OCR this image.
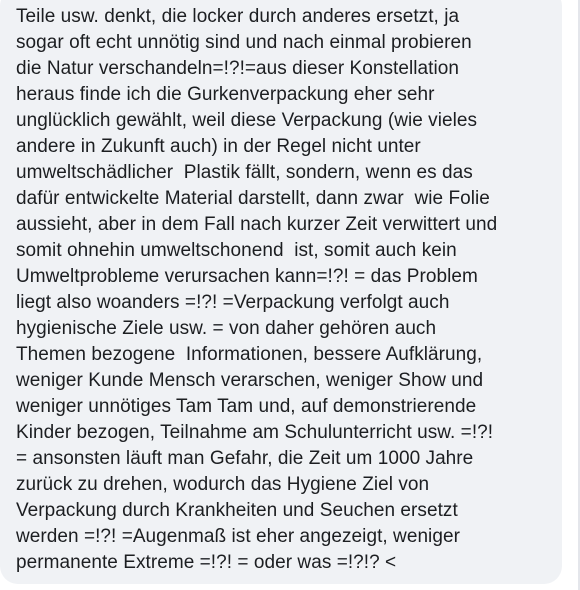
Teile usw. denkt, die locker durch anderes ersetzt, ja
sogar oft echt unnötig sind und nach einmal probieren
die Natur verschandeln=!?!=aus dieser Konstellation
heraus finde ich die Gurkenverpackung eher sehr
unglücklich gewählt, weil diese Verpackung (wie vieles
andere in Zukunft auch) in der Regel nicht unter
umweltschädlicher  Plastik fällt, sondern, wenn es das
dafür entwickelte Material darstellt, dann zwar  wie Folie
aussieht, aber in dem Fall nach kurzer Zeit verwittert und
somit ohnehin umweltschonend  ist, somit auch kein
Umweltprobleme verursachen kann=!?! = das Problem
liegt also woanders =!?! =Verpackung verfolgt auch
hygienische Ziele usw. = von daher gehören auch
Themen bezogene  Informationen, bessere Aufklärung,
weniger Kunde Mensch verarschen, weniger Show und
weniger unnötiges Tam Tam und, auf demonstrierende
Kinder bezogen, Teilnahme am Schulunterricht usw. =!?!
= ansonsten läuft man Gefahr, die Zeit um 1000 Jahre
zurück zu drehen, wodurch das Hygiene Ziel von
Verpackung durch Krankheiten und Seuchen ersetzt
werden =!?! =Augenmaß ist eher angezeigt, weniger
permanente Extreme =!?! = oder was =!?!? <
